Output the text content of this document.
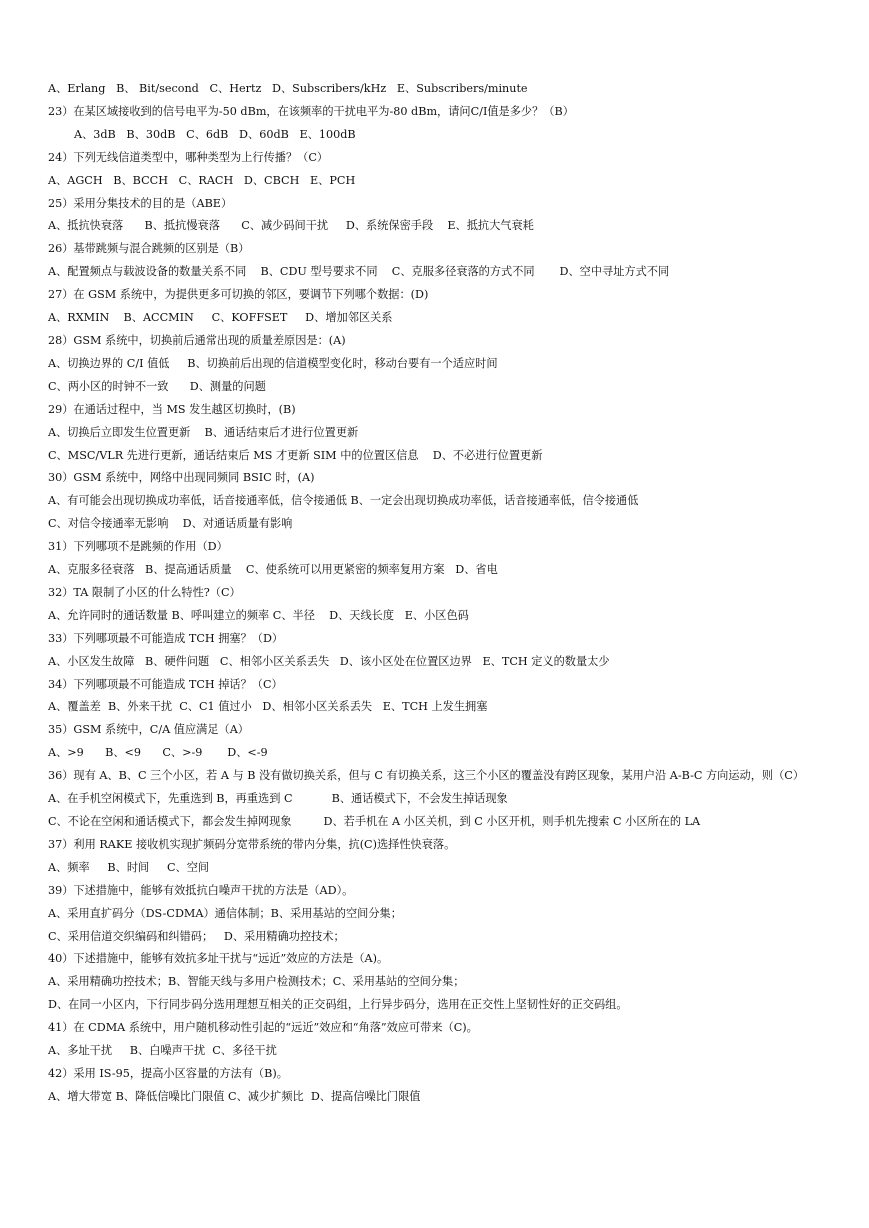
A、Erlang   B、 Bit/second   C、Hertz   D、Subscribers/kHz   E、Subscribers/minute
23）在某区域接收到的信号电平为-50 dBm，在该频率的干扰电平为-80 dBm，请问C/I值是多少？（B）
A、3dB   B、30dB   C、6dB   D、60dB   E、100dB
24）下列无线信道类型中，哪种类型为上行传播？（C）
A、AGCH   B、BCCH   C、RACH   D、CBCH   E、PCH
25）采用分集技术的目的是（ABE）
A、抵抗快衰落      B、抵抗慢衰落      C、减少码间干扰     D、系统保密手段    E、抵抗大气衰耗
26）基带跳频与混合跳频的区别是（B）
A、配置频点与载波设备的数量关系不同    B、CDU 型号要求不同    C、克服多径衰落的方式不同       D、空中寻址方式不同
27）在 GSM 系统中，为提供更多可切换的邻区，要调节下列哪个数据：(D)
A、RXMIN    B、ACCMIN     C、KOFFSET     D、增加邻区关系
28）GSM 系统中，切换前后通常出现的质量差原因是：(A)
A、切换边界的 C/I 值低     B、切换前后出现的信道模型变化时，移动台要有一个适应时间
C、两小区的时钟不一致      D、测量的问题
29）在通话过程中，当 MS 发生越区切换时，(B)
A、切换后立即发生位置更新    B、通话结束后才进行位置更新
C、MSC/VLR 先进行更新，通话结束后 MS 才更新 SIM 中的位置区信息    D、不必进行位置更新
30）GSM 系统中，网络中出现同频同 BSIC 时，(A)
A、有可能会出现切换成功率低，话音接通率低，信令接通低 B、一定会出现切换成功率低，话音接通率低，信令接通低
C、对信令接通率无影响    D、对通话质量有影响
31）下列哪项不是跳频的作用（D）
A、克服多径衰落   B、提高通话质量    C、使系统可以用更紧密的频率复用方案   D、省电
32）TA 限制了小区的什么特性?（C）
A、允许同时的通话数量 B、呼叫建立的频率 C、半径    D、天线长度   E、小区色码
33）下列哪项最不可能造成 TCH 拥塞？（D）
A、小区发生故障   B、硬件问题   C、相邻小区关系丢失   D、该小区处在位置区边界   E、TCH 定义的数量太少
34）下列哪项最不可能造成 TCH 掉话？（C）
A、覆盖差  B、外来干扰  C、C1 值过小   D、相邻小区关系丢失   E、TCH 上发生拥塞
35）GSM 系统中，C/A 值应满足（A）
A、>9      B、<9      C、>-9       D、<-9
36）现有 A、B、C 三个小区，若 A 与 B 没有做切换关系，但与 C 有切换关系，这三个小区的覆盖没有跨区现象，某用户沿 A-B-C 方向运动，则（C）
A、在手机空闲模式下，先重选到 B，再重选到 C           B、通话模式下，不会发生掉话现象
C、不论在空闲和通话模式下，都会发生掉网现象         D、若手机在 A 小区关机，到 C 小区开机，则手机先搜索 C 小区所在的 LA
37）利用 RAKE 接收机实现扩频码分宽带系统的带内分集，抗(C)选择性快衰落。
A、频率     B、时间     C、空间
39）下述措施中，能够有效抵抗白噪声干扰的方法是（AD）。
A、采用直扩码分（DS-CDMA）通信体制；B、采用基站的空间分集；
C、采用信道交织编码和纠错码；   D、采用精确功控技术；
40）下述措施中，能够有效抗多址干扰与“远近”效应的方法是（A)。
A、采用精确功控技术；B、智能天线与多用户检测技术；C、采用基站的空间分集；
D、在同一小区内，下行同步码分选用理想互相关的正交码组，上行异步码分，选用在正交性上坚韧性好的正交码组。
41）在 CDMA 系统中，用户随机移动性引起的“远近”效应和“角落”效应可带来（C)。
A、多址干扰     B、白噪声干扰  C、多径干扰
42）采用 IS-95，提高小区容量的方法有（B)。
A、增大带宽 B、降低信噪比门限值 C、减少扩频比  D、提高信噪比门限值
